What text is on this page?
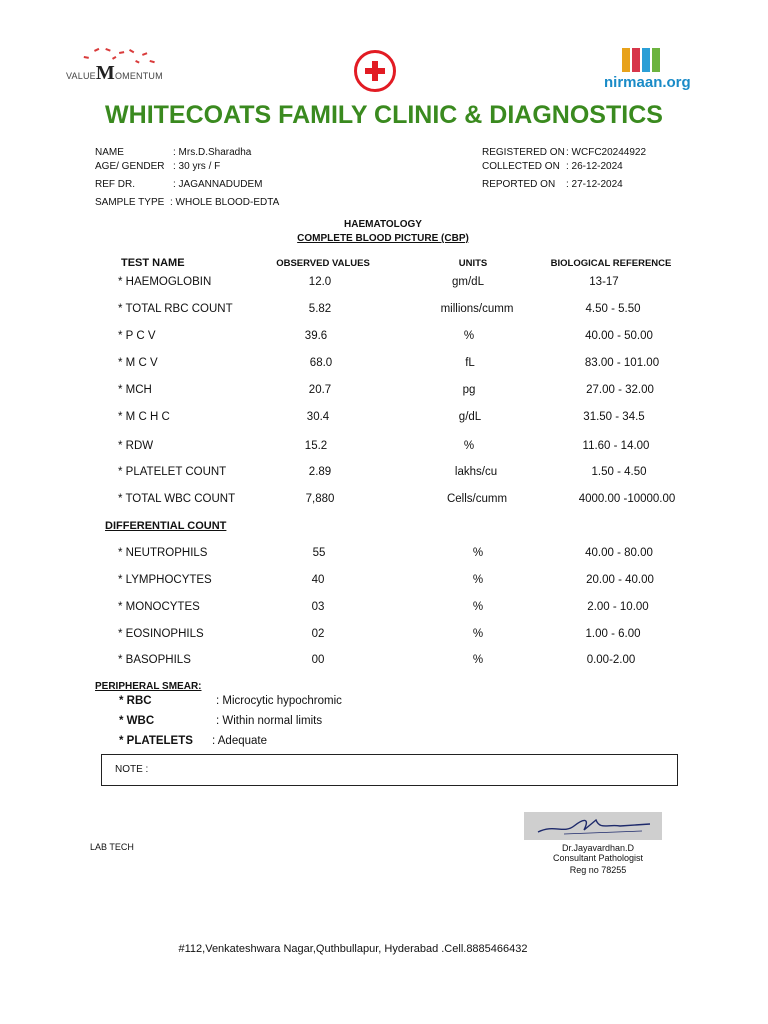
VALUEMOMENTUM	nirmaan.org
WHITECOATS FAMILY CLINIC & DIAGNOSTICS
NAME	: Mrs.D.Sharadha
AGE/ GENDER : 30 yrs / F
REF DR.	: JAGANNADUDEM
SAMPLE TYPE : WHOLE BLOOD-EDTA
REGISTERED ON : WCFC20244922
COLLECTED ON : 26-12-2024
REPORTED ON : 27-12-2024
HAEMATOLOGY
COMPLETE BLOOD PICTURE (CBP)
TEST NAME	OBSERVED VALUES	UNITS	BIOLOGICAL REFERENCE
* HAEMOGLOBIN	12.0	gm/dL	13-17
* TOTAL RBC COUNT	5.82	millions/cumm	4.50 - 5.50
* P C V	39.6	%	40.00 - 50.00
* M C V	68.0	fL	83.00 - 101.00
* MCH	20.7	pg	27.00 - 32.00
* M C H C	30.4	g/dL	31.50 - 34.5
* RDW	15.2	%	11.60 - 14.00
* PLATELET COUNT	2.89	lakhs/cu	1.50 - 4.50
* TOTAL WBC COUNT	7,880	Cells/cumm	4000.00 -10000.00
DIFFERENTIAL COUNT
* NEUTROPHILS	55	%	40.00 - 80.00
* LYMPHOCYTES	40	%	20.00 - 40.00
* MONOCYTES	03	%	2.00 - 10.00
* EOSINOPHILS	02	%	1.00 - 6.00
* BASOPHILS	00	%	0.00-2.00
PERIPHERAL SMEAR:
* RBC	: Microcytic hypochromic
* WBC	: Within normal limits
* PLATELETS : Adequate
NOTE :
LAB TECH	Dr.Jayavardhan.D
Consultant Pathologist
Reg no 78255
#112,Venkateshwara Nagar,Quthbullapur, Hyderabad .Cell.8885466432
